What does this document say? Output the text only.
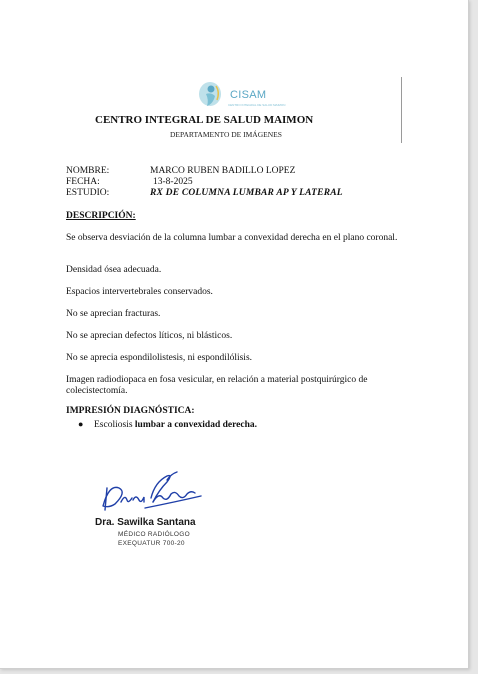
CISAM
CENTRO INTEGRAL DE SALUD MAIMON
CENTRO INTEGRAL DE SALUD MAIMON
DEPARTAMENTO DE IMÁGENES
NOMBRE:	MARCO RUBEN BADILLO LOPEZ
FECHA:	13-8-2025
ESTUDIO:	RX DE COLUMNA LUMBAR AP Y LATERAL
DESCRIPCIÓN:
Se observa desviación de la columna lumbar a convexidad derecha en el plano coronal.
Densidad ósea adecuada.
Espacios intervertebrales conservados.
No se aprecian fracturas.
No se aprecian defectos líticos, ni blásticos.
No se aprecia espondilolistesis, ni espondilólisis.
Imagen radiodiopaca en fosa vesicular, en relación a material postquirúrgico de colecistectomía.
IMPRESIÓN DIAGNÓSTICA:
● Escoliosis lumbar a convexidad derecha.
Dra. Sawilka Santana
MÉDICO RADIÓLOGO
EXEQUATUR 700-20
